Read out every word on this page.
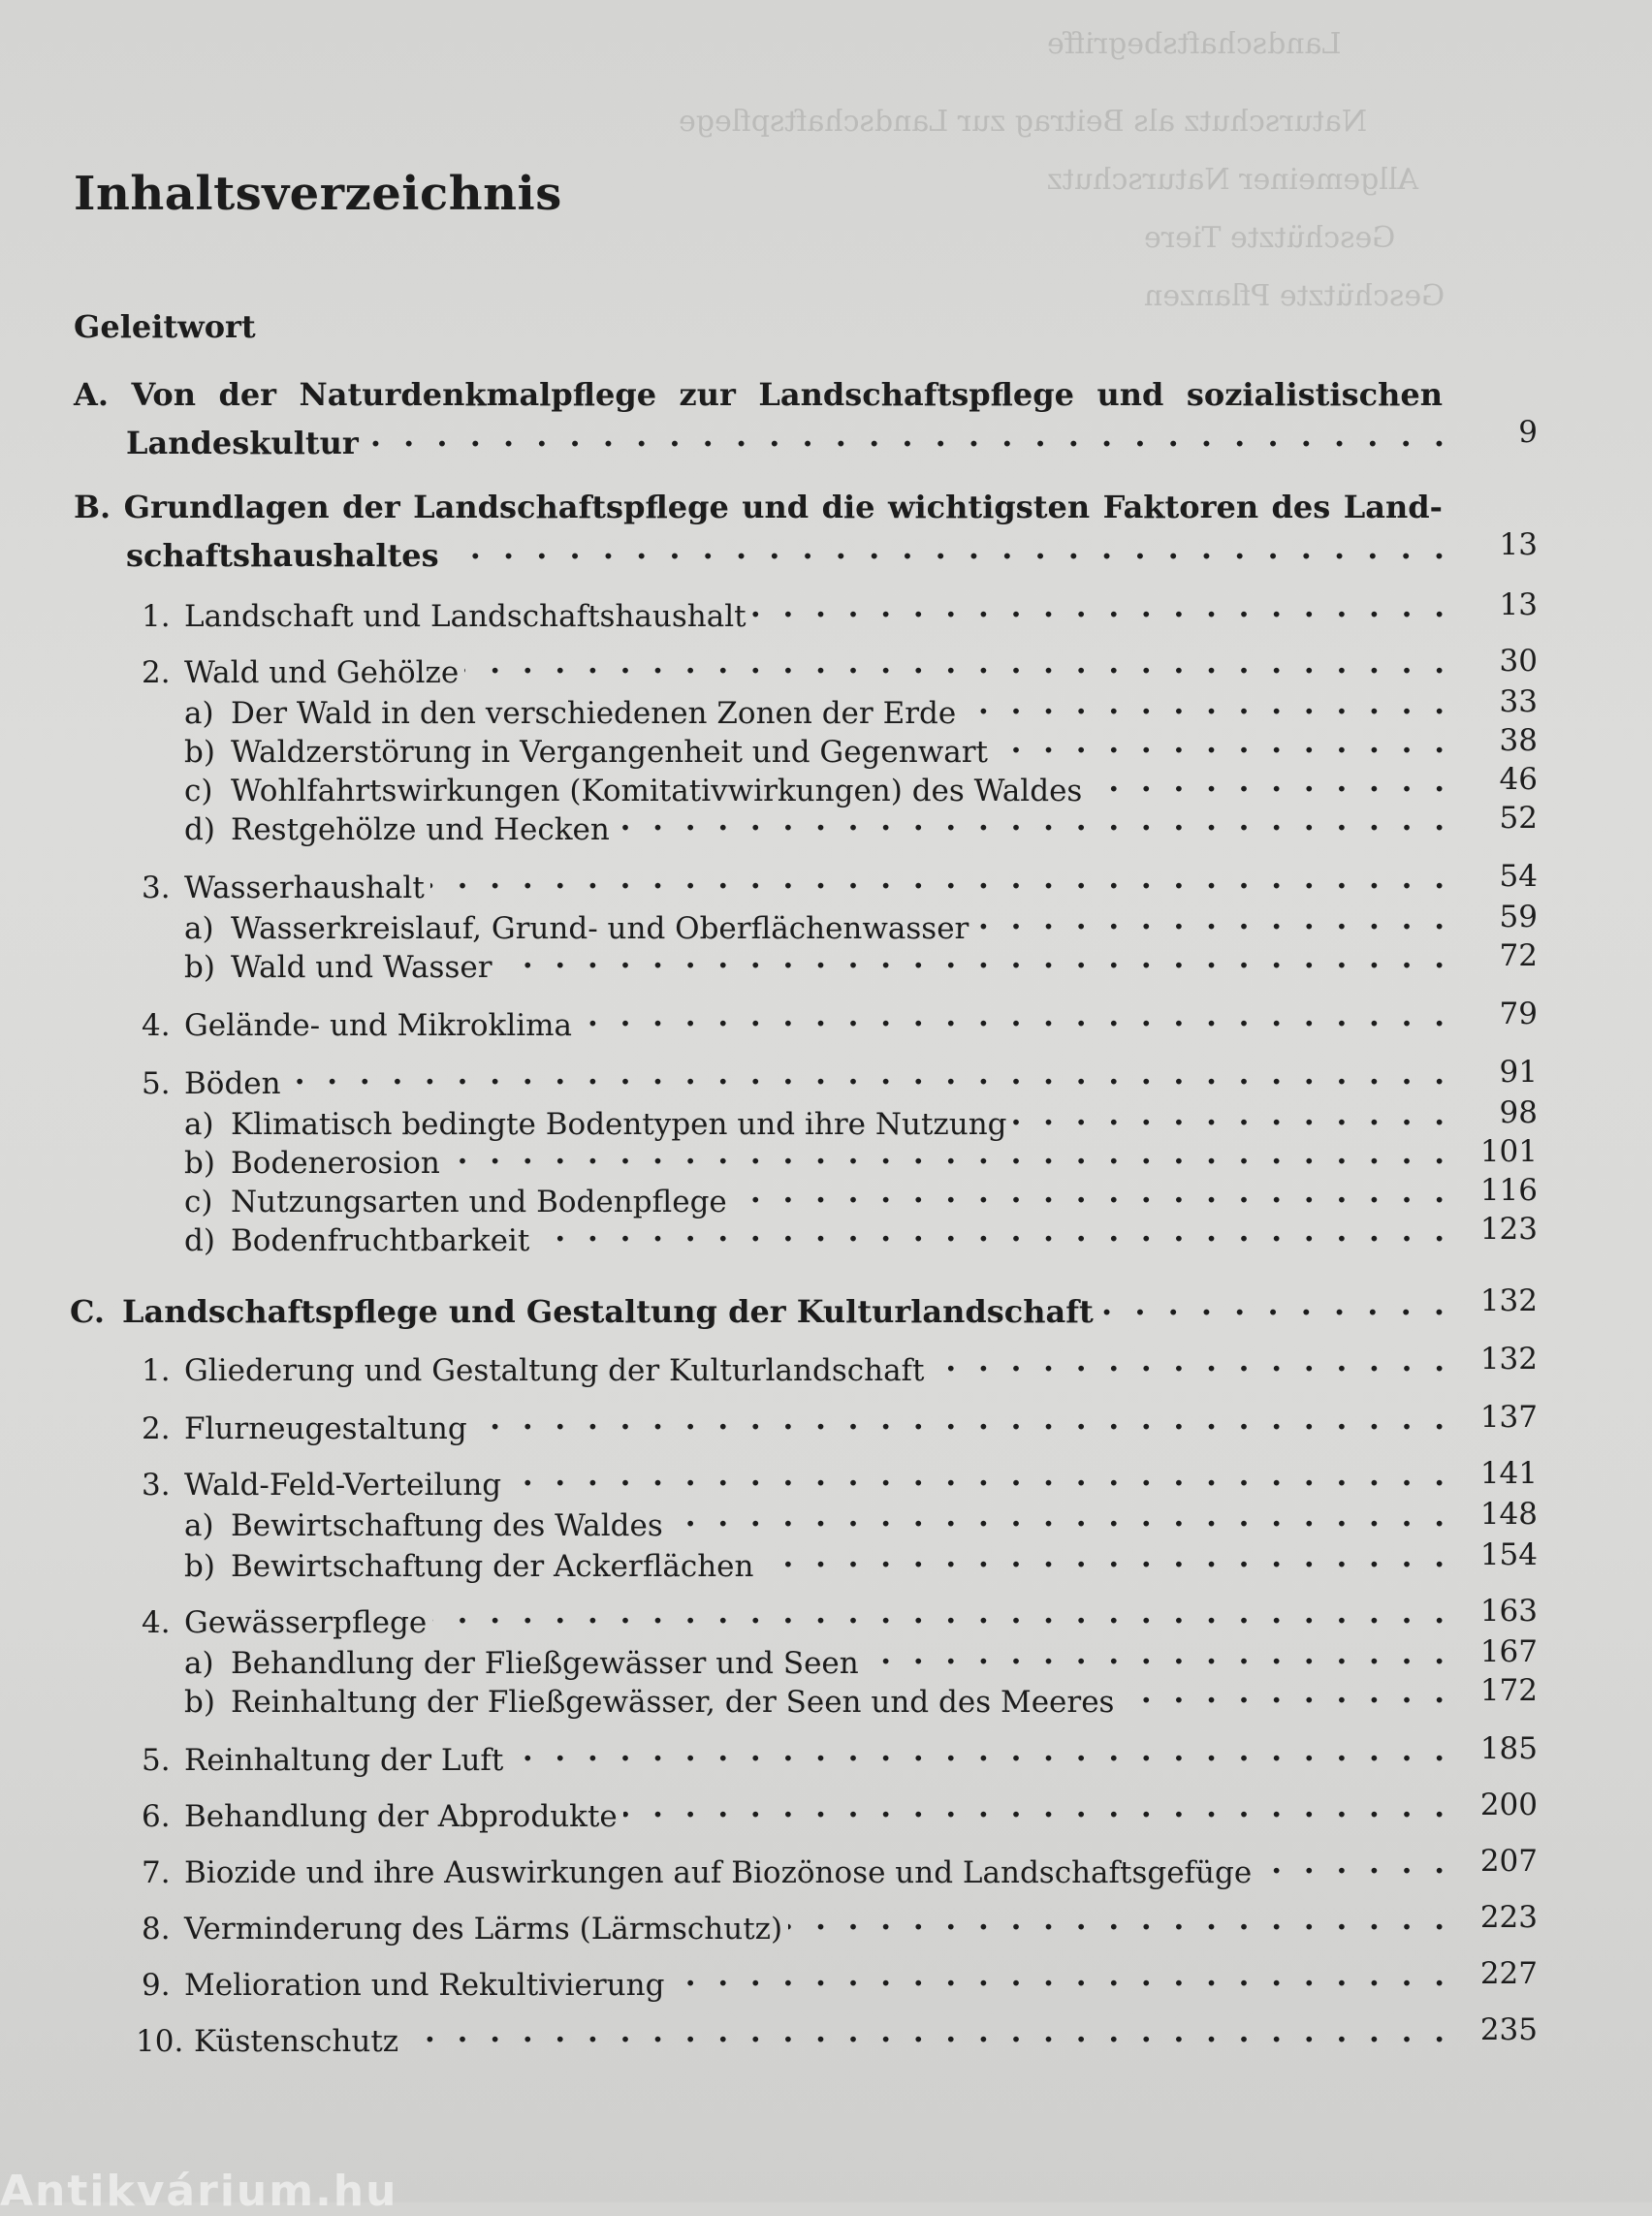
Landschaftsbegriffe
Naturschutz als Beitrag zur Landschaftspflege
Allgemeiner Naturschutz
Geschützte Tiere
Geschützte Pflanzen
Inhaltsverzeichnis
Geleitwort
A. Von der Naturdenkmalpflege zur Landschaftspflege und sozialistischen
Landeskultur . . .	9
B. Grundlagen der Landschaftspflege und die wichtigsten Faktoren des Land-
schaftshaushaltes . . .	13
1. Landschaft und Landschaftshaushalt . . .	13
2. Wald und Gehölze . . .	30
a) Der Wald in den verschiedenen Zonen der Erde . . .	33
b) Waldzerstörung in Vergangenheit und Gegenwart . . .	38
c) Wohlfahrtswirkungen (Komitativwirkungen) des Waldes . . .	46
d) Restgehölze und Hecken . . .	52
3. Wasserhaushalt . . .	54
a) Wasserkreislauf, Grund- und Oberflächenwasser . . .	59
b) Wald und Wasser . . .	72
4. Gelände- und Mikroklima . . .	79
5. Böden . . .	91
a) Klimatisch bedingte Bodentypen und ihre Nutzung . . .	98
b) Bodenerosion . . .	101
c) Nutzungsarten und Bodenpflege . . .	116
d) Bodenfruchtbarkeit . . .	123
C. Landschaftspflege und Gestaltung der Kulturlandschaft . . .	132
1. Gliederung und Gestaltung der Kulturlandschaft . . .	132
2. Flurneugestaltung . . .	137
3. Wald-Feld-Verteilung . . .	141
a) Bewirtschaftung des Waldes . . .	148
b) Bewirtschaftung der Ackerflächen . . .	154
4. Gewässerpflege . . .	163
a) Behandlung der Fließgewässer und Seen . . .	167
b) Reinhaltung der Fließgewässer, der Seen und des Meeres . . .	172
5. Reinhaltung der Luft . . .	185
6. Behandlung der Abprodukte . . .	200
7. Biozide und ihre Auswirkungen auf Biozönose und Landschaftsgefüge . . .	207
8. Verminderung des Lärms (Lärmschutz) . . .	223
9. Melioration und Rekultivierung . . .	227
10. Küstenschutz . . .	235
Antikvárium.hu
